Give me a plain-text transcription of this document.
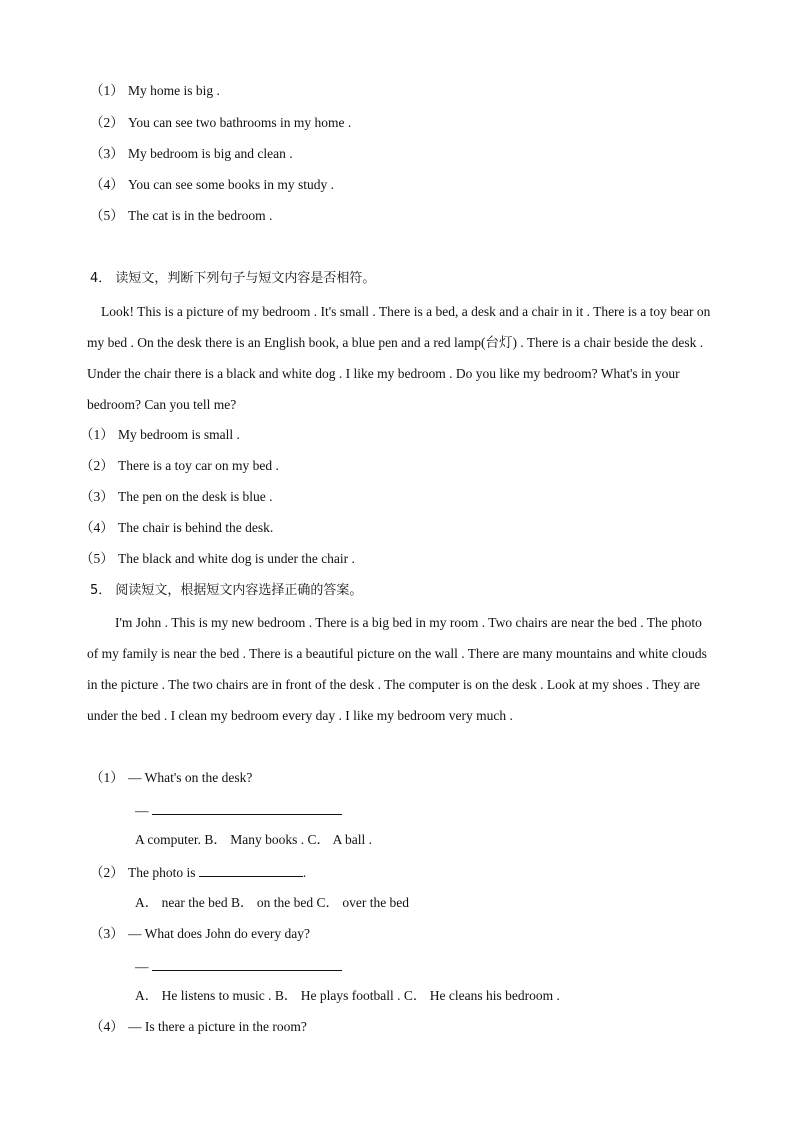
（1） My home is big .
（2） You can see two bathrooms in my home .
（3） My bedroom is big and clean .
（4） You can see some books in my study .
（5） The cat is in the bedroom .
4． 读短文，判断下列句子与短文内容是否相符。
Look! This is a picture of my bedroom . It's small . There is a bed, a desk and a chair in it . There is a toy bear on my bed . On the desk there is an English book, a blue pen and a red lamp(台灯) . There is a chair beside the desk . Under the chair there is a black and white dog . I like my bedroom . Do you like my bedroom? What's in your bedroom? Can you tell me?
（1） My bedroom is small .
（2） There is a toy car on my bed .
（3） The pen on the desk is blue .
（4） The chair is behind the desk.
（5） The black and white dog is under the chair .
5． 阅读短文，根据短文内容选择正确的答案。
I'm John . This is my new bedroom . There is a big bed in my room . Two chairs are near the bed . The photo of my family is near the bed . There is a beautiful picture on the wall . There are many mountains and white clouds in the picture . The two chairs are in front of the desk . The computer is on the desk . Look at my shoes . They are under the bed . I clean my bedroom every day . I like my bedroom very much .
（1） — What's on the desk?
—
A computer. B． Many books . C． A ball .
（2） The photo is	.
A． near the bed B． on the bed C． over the bed
（3） — What does John do every day?
—
A． He listens to music . B． He plays football . C． He cleans his bedroom .
（4） — Is there a picture in the room?
